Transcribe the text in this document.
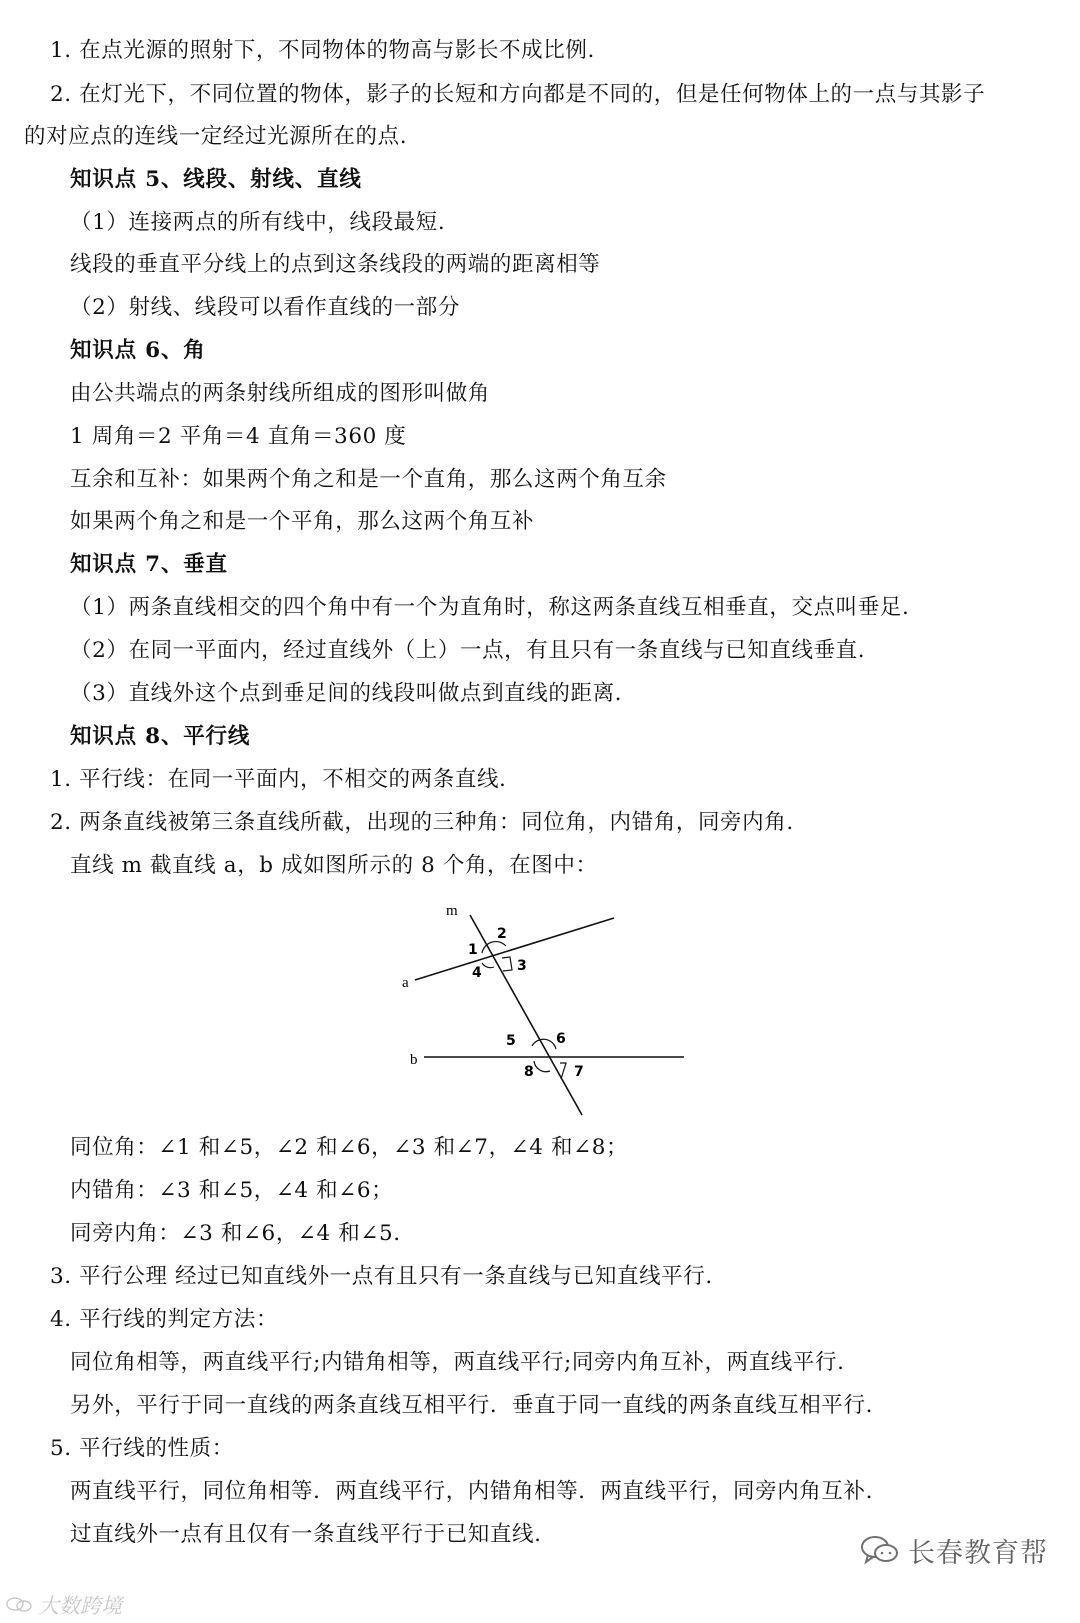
1. 在点光源的照射下，不同物体的物高与影长不成比例.
2. 在灯光下，不同位置的物体，影子的长短和方向都是不同的，但是任何物体上的一点与其影子
的对应点的连线一定经过光源所在的点.
知识点 5、线段、射线、直线
（1）连接两点的所有线中，线段最短.
线段的垂直平分线上的点到这条线段的两端的距离相等
（2）射线、线段可以看作直线的一部分
知识点 6、角
由公共端点的两条射线所组成的图形叫做角
1 周角＝2 平角＝4 直角＝360 度
互余和互补：如果两个角之和是一个直角，那么这两个角互余
如果两个角之和是一个平角，那么这两个角互补
知识点 7、垂直
（1）两条直线相交的四个角中有一个为直角时，称这两条直线互相垂直，交点叫垂足.
（2）在同一平面内，经过直线外（上）一点，有且只有一条直线与已知直线垂直.
（3）直线外这个点到垂足间的线段叫做点到直线的距离.
知识点 8、平行线
1. 平行线：在同一平面内，不相交的两条直线.
2. 两条直线被第三条直线所截，出现的三种角：同位角，内错角，同旁内角.
直线 m 截直线 a，b 成如图所示的 8 个角，在图中：
m
a
b
1
2
3
4
5	6
7
8
同位角：∠1 和∠5，∠2 和∠6，∠3 和∠7，∠4 和∠8；
内错角：∠3 和∠5，∠4 和∠6；
同旁内角：∠3 和∠6，∠4 和∠5.
3. 平行公理 经过已知直线外一点有且只有一条直线与已知直线平行.
4. 平行线的判定方法：
同位角相等，两直线平行;内错角相等，两直线平行;同旁内角互补，两直线平行.
另外，平行于同一直线的两条直线互相平行．垂直于同一直线的两条直线互相平行.
5. 平行线的性质：
两直线平行，同位角相等．两直线平行，内错角相等．两直线平行，同旁内角互补.
过直线外一点有且仅有一条直线平行于已知直线.
大数跨境
长春教育帮
